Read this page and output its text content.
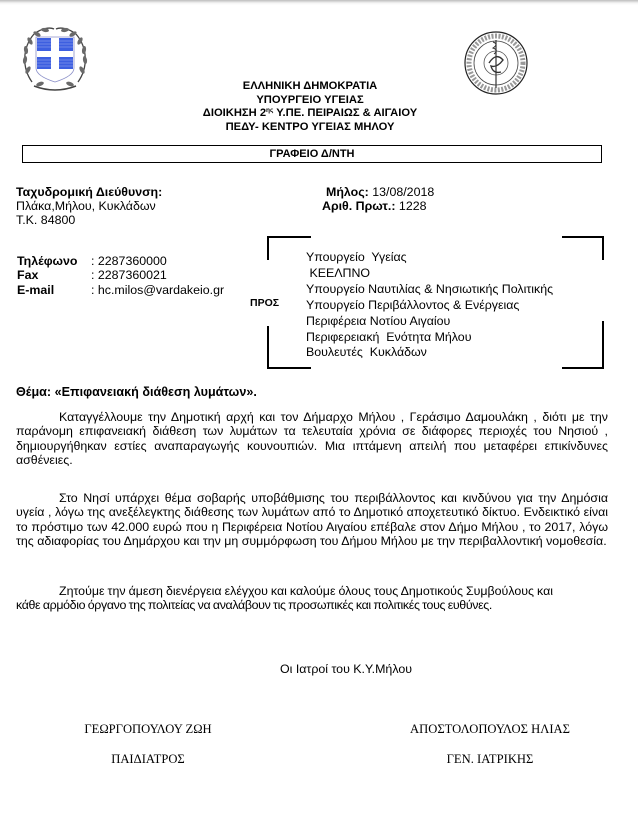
ΕΛΛΗΝΙΚΗ ΔΗΜΟΚΡΑΤΙΑ
ΥΠΟΥΡΓΕΙΟ ΥΓΕΙΑΣ
ΔΙΟΙΚΗΣΗ $2^{\eta\varsigma}$ Υ.ΠΕ. ΠΕΙΡΑΙΩΣ & ΑΙΓΑΙΟΥ
ΠΕΔΥ- ΚΕΝΤΡΟ ΥΓΕΙΑΣ ΜΗΛΟΥ
ΓΡΑΦΕΙΟ Δ/ΝΤΗ
Ταχυδρομική Διεύθυνση:
Πλάκα,Μήλου, Κυκλάδων
Τ.Κ. 84800
Μήλος: 13/08/2018
Αριθ. Πρωτ.: 1228
Τηλέφωνο	: 2287360000
Fax	: 2287360021
E-mail	: hc.milos@vardakeio.gr
ΠΡΟΣ
Υπουργείο  Υγείας
ΚΕΕΛΠΝΟ
Υπουργείο Ναυτιλίας & Νησιωτικής Πολιτικής
Υπουργείο Περιβάλλοντος & Ενέργειας
Περιφέρεια Νοτίου Αιγαίου
Περιφερειακή  Ενότητα Μήλου
Βουλευτές  Κυκλάδων
Θέμα: «Επιφανειακή διάθεση λυμάτων».
Καταγγέλλουμε την Δημοτική αρχή και τον Δήμαρχο Μήλου , Γεράσιμο Δαμουλάκη , διότι με την παράνομη επιφανειακή διάθεση των λυμάτων τα τελευταία χρόνια σε διάφορες περιοχές του Νησιού , δημιουργήθηκαν εστίες αναπαραγωγής κουνουπιών. Μια ιπτάμενη απειλή που μεταφέρει επικίνδυνες ασθένειες.
Στο Νησί υπάρχει θέμα σοβαρής υποβάθμισης του περιβάλλοντος και κινδύνου για την Δημόσια υγεία , λόγω της ανεξέλεγκτης διάθεσης των λυμάτων από το Δημοτικό αποχετευτικό δίκτυο. Ενδεικτικό είναι το πρόστιμο των 42.000 ευρώ που η Περιφέρεια Νοτίου Αιγαίου επέβαλε στον Δήμο Μήλου , το 2017, λόγω της αδιαφορίας του Δημάρχου και την μη συμμόρφωση του Δήμου Μήλου με την περιβαλλοντική νομοθεσία.
Ζητούμε την άμεση διενέργεια ελέγχου και καλούμε όλους τους Δημοτικούς Συμβούλους και
κάθε αρμόδιο όργανο της πολιτείας να αναλάβουν τις προσωπικές και πολιτικές τους ευθύνες.
Οι Ιατροί του Κ.Υ.Μήλου
ΓΕΩΡΓΟΠΟΥΛΟΥ ΖΩΗ
ΠΑΙΔΙΑΤΡΟΣ
ΑΠΟΣΤΟΛΟΠΟΥΛΟΣ ΗΛΙΑΣ
ΓΕΝ. ΙΑΤΡΙΚΗΣ
